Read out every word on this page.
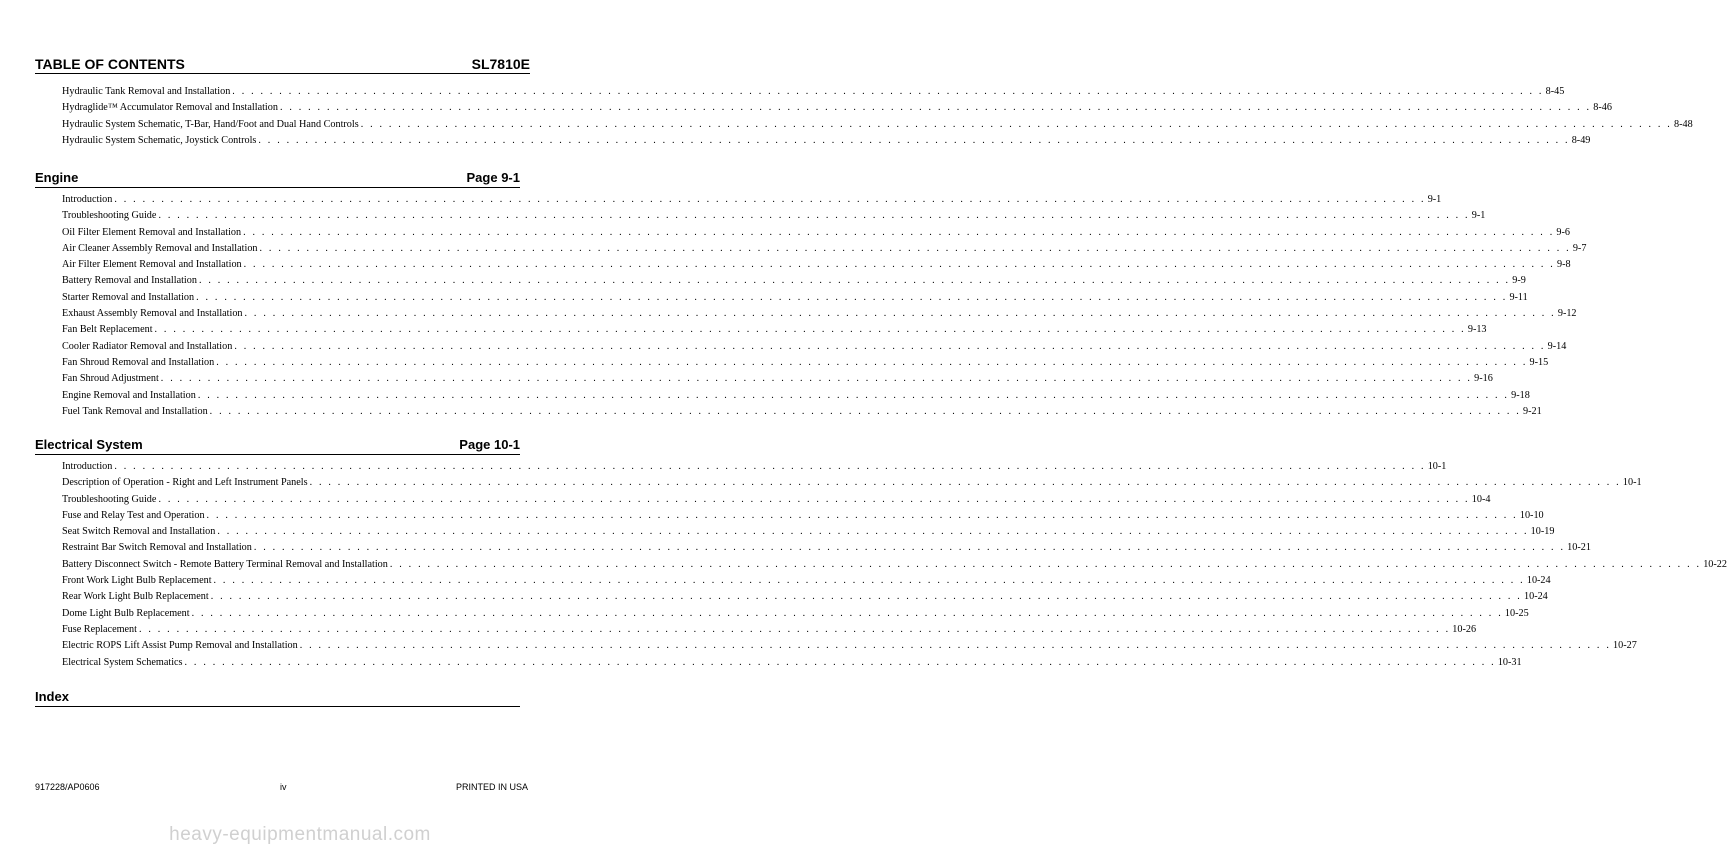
TABLE OF CONTENTS	SL7810E
Hydraulic Tank Removal and Installation . . . . . . . . . . . . . . . . . . . . . . . . . . . . . . . . . . . . . . . . . . . . . . . . . . . . . . . . . . . . . . . . . . . . . . . . . . . . . . . . . . . . . . . . . . . . . . . . . . . . . . . . . . . . . . . . . . . . . . . . . . . . . . . . . . . . . . . . . . . . 8-45
Hydraglide™ Accumulator Removal and Installation . . . . . . . . . . . . . . . . . . . . . . . . . . . . . . . . . . . . . . . . . . . . . . . . . . . . . . . . . . . . . . . . . . . . . . . . . . . . . . . . . . . . . . . . . . . . . . . . . . . . . . . . . . . . . . . . . . . . . . . . . . . . . . . . . . . . . . . . . . . . 8-46
Hydraulic System Schematic, T-Bar, Hand/Foot and Dual Hand Controls . . . . . . . . . . . . . . . . . . . . . . . . . . . . . . . . . . . . . . . . . . . . . . . . . . . . . . . . . . . . . . . . . . . . . . . . . . . . . . . . . . . . . . . . . . . . . . . . . . . . . . . . . . . . . . . . . . . . . . . . . . . . . . . . . . . . . . . . . . . . 8-48
Hydraulic System Schematic, Joystick Controls . . . . . . . . . . . . . . . . . . . . . . . . . . . . . . . . . . . . . . . . . . . . . . . . . . . . . . . . . . . . . . . . . . . . . . . . . . . . . . . . . . . . . . . . . . . . . . . . . . . . . . . . . . . . . . . . . . . . . . . . . . . . . . . . . . . . . . . . . . . . 8-49
Engine	Page 9-1
Introduction . . . . . . . . . . . . . . . . . . . . . . . . . . . . . . . . . . . . . . . . . . . . . . . . . . . . . . . . . . . . . . . . . . . . . . . . . . . . . . . . . . . . . . . . . . . . . . . . . . . . . . . . . . . . . . . . . . . . . . . . . . . . . . . . . . . . . . . . . . . . 9-1
Troubleshooting Guide . . . . . . . . . . . . . . . . . . . . . . . . . . . . . . . . . . . . . . . . . . . . . . . . . . . . . . . . . . . . . . . . . . . . . . . . . . . . . . . . . . . . . . . . . . . . . . . . . . . . . . . . . . . . . . . . . . . . . . . . . . . . . . . . . . . . . . . . . . . . 9-1
Oil Filter Element Removal and Installation . . . . . . . . . . . . . . . . . . . . . . . . . . . . . . . . . . . . . . . . . . . . . . . . . . . . . . . . . . . . . . . . . . . . . . . . . . . . . . . . . . . . . . . . . . . . . . . . . . . . . . . . . . . . . . . . . . . . . . . . . . . . . . . . . . . . . . . . . . . . 9-6
Air Cleaner Assembly Removal and Installation . . . . . . . . . . . . . . . . . . . . . . . . . . . . . . . . . . . . . . . . . . . . . . . . . . . . . . . . . . . . . . . . . . . . . . . . . . . . . . . . . . . . . . . . . . . . . . . . . . . . . . . . . . . . . . . . . . . . . . . . . . . . . . . . . . . . . . . . . . . . 9-7
Air Filter Element Removal and Installation . . . . . . . . . . . . . . . . . . . . . . . . . . . . . . . . . . . . . . . . . . . . . . . . . . . . . . . . . . . . . . . . . . . . . . . . . . . . . . . . . . . . . . . . . . . . . . . . . . . . . . . . . . . . . . . . . . . . . . . . . . . . . . . . . . . . . . . . . . . . 9-8
Battery Removal and Installation . . . . . . . . . . . . . . . . . . . . . . . . . . . . . . . . . . . . . . . . . . . . . . . . . . . . . . . . . . . . . . . . . . . . . . . . . . . . . . . . . . . . . . . . . . . . . . . . . . . . . . . . . . . . . . . . . . . . . . . . . . . . . . . . . . . . . . . . . . . . 9-9
Starter Removal and Installation . . . . . . . . . . . . . . . . . . . . . . . . . . . . . . . . . . . . . . . . . . . . . . . . . . . . . . . . . . . . . . . . . . . . . . . . . . . . . . . . . . . . . . . . . . . . . . . . . . . . . . . . . . . . . . . . . . . . . . . . . . . . . . . . . . . . . . . . . . . . 9-11
Exhaust Assembly Removal and Installation . . . . . . . . . . . . . . . . . . . . . . . . . . . . . . . . . . . . . . . . . . . . . . . . . . . . . . . . . . . . . . . . . . . . . . . . . . . . . . . . . . . . . . . . . . . . . . . . . . . . . . . . . . . . . . . . . . . . . . . . . . . . . . . . . . . . . . . . . . . . 9-12
Fan Belt Replacement . . . . . . . . . . . . . . . . . . . . . . . . . . . . . . . . . . . . . . . . . . . . . . . . . . . . . . . . . . . . . . . . . . . . . . . . . . . . . . . . . . . . . . . . . . . . . . . . . . . . . . . . . . . . . . . . . . . . . . . . . . . . . . . . . . . . . . . . . . . . 9-13
Cooler Radiator Removal and Installation . . . . . . . . . . . . . . . . . . . . . . . . . . . . . . . . . . . . . . . . . . . . . . . . . . . . . . . . . . . . . . . . . . . . . . . . . . . . . . . . . . . . . . . . . . . . . . . . . . . . . . . . . . . . . . . . . . . . . . . . . . . . . . . . . . . . . . . . . . . . 9-14
Fan Shroud Removal and Installation . . . . . . . . . . . . . . . . . . . . . . . . . . . . . . . . . . . . . . . . . . . . . . . . . . . . . . . . . . . . . . . . . . . . . . . . . . . . . . . . . . . . . . . . . . . . . . . . . . . . . . . . . . . . . . . . . . . . . . . . . . . . . . . . . . . . . . . . . . . . 9-15
Fan Shroud Adjustment . . . . . . . . . . . . . . . . . . . . . . . . . . . . . . . . . . . . . . . . . . . . . . . . . . . . . . . . . . . . . . . . . . . . . . . . . . . . . . . . . . . . . . . . . . . . . . . . . . . . . . . . . . . . . . . . . . . . . . . . . . . . . . . . . . . . . . . . . . . . 9-16
Engine Removal and Installation . . . . . . . . . . . . . . . . . . . . . . . . . . . . . . . . . . . . . . . . . . . . . . . . . . . . . . . . . . . . . . . . . . . . . . . . . . . . . . . . . . . . . . . . . . . . . . . . . . . . . . . . . . . . . . . . . . . . . . . . . . . . . . . . . . . . . . . . . . . . 9-18
Fuel Tank Removal and Installation . . . . . . . . . . . . . . . . . . . . . . . . . . . . . . . . . . . . . . . . . . . . . . . . . . . . . . . . . . . . . . . . . . . . . . . . . . . . . . . . . . . . . . . . . . . . . . . . . . . . . . . . . . . . . . . . . . . . . . . . . . . . . . . . . . . . . . . . . . . . 9-21
Electrical System	Page 10-1
Introduction . . . . . . . . . . . . . . . . . . . . . . . . . . . . . . . . . . . . . . . . . . . . . . . . . . . . . . . . . . . . . . . . . . . . . . . . . . . . . . . . . . . . . . . . . . . . . . . . . . . . . . . . . . . . . . . . . . . . . . . . . . . . . . . . . . . . . . . . . . . . 10-1
Description of Operation - Right and Left Instrument Panels . . . . . . . . . . . . . . . . . . . . . . . . . . . . . . . . . . . . . . . . . . . . . . . . . . . . . . . . . . . . . . . . . . . . . . . . . . . . . . . . . . . . . . . . . . . . . . . . . . . . . . . . . . . . . . . . . . . . . . . . . . . . . . . . . . . . . . . . . . . . 10-1
Troubleshooting Guide . . . . . . . . . . . . . . . . . . . . . . . . . . . . . . . . . . . . . . . . . . . . . . . . . . . . . . . . . . . . . . . . . . . . . . . . . . . . . . . . . . . . . . . . . . . . . . . . . . . . . . . . . . . . . . . . . . . . . . . . . . . . . . . . . . . . . . . . . . . . 10-4
Fuse and Relay Test and Operation . . . . . . . . . . . . . . . . . . . . . . . . . . . . . . . . . . . . . . . . . . . . . . . . . . . . . . . . . . . . . . . . . . . . . . . . . . . . . . . . . . . . . . . . . . . . . . . . . . . . . . . . . . . . . . . . . . . . . . . . . . . . . . . . . . . . . . . . . . . . 10-10
Seat Switch Removal and Installation . . . . . . . . . . . . . . . . . . . . . . . . . . . . . . . . . . . . . . . . . . . . . . . . . . . . . . . . . . . . . . . . . . . . . . . . . . . . . . . . . . . . . . . . . . . . . . . . . . . . . . . . . . . . . . . . . . . . . . . . . . . . . . . . . . . . . . . . . . . . 10-19
Restraint Bar Switch Removal and Installation . . . . . . . . . . . . . . . . . . . . . . . . . . . . . . . . . . . . . . . . . . . . . . . . . . . . . . . . . . . . . . . . . . . . . . . . . . . . . . . . . . . . . . . . . . . . . . . . . . . . . . . . . . . . . . . . . . . . . . . . . . . . . . . . . . . . . . . . . . . . 10-21
Battery Disconnect Switch - Remote Battery Terminal Removal and Installation . . . . . . . . . . . . . . . . . . . . . . . . . . . . . . . . . . . . . . . . . . . . . . . . . . . . . . . . . . . . . . . . . . . . . . . . . . . . . . . . . . . . . . . . . . . . . . . . . . . . . . . . . . . . . . . . . . . . . . . . . . . . . . . . . . . . . . . . . . . . 10-22
Front Work Light Bulb Replacement . . . . . . . . . . . . . . . . . . . . . . . . . . . . . . . . . . . . . . . . . . . . . . . . . . . . . . . . . . . . . . . . . . . . . . . . . . . . . . . . . . . . . . . . . . . . . . . . . . . . . . . . . . . . . . . . . . . . . . . . . . . . . . . . . . . . . . . . . . . . 10-24
Rear Work Light Bulb Replacement . . . . . . . . . . . . . . . . . . . . . . . . . . . . . . . . . . . . . . . . . . . . . . . . . . . . . . . . . . . . . . . . . . . . . . . . . . . . . . . . . . . . . . . . . . . . . . . . . . . . . . . . . . . . . . . . . . . . . . . . . . . . . . . . . . . . . . . . . . . . 10-24
Dome Light Bulb Replacement . . . . . . . . . . . . . . . . . . . . . . . . . . . . . . . . . . . . . . . . . . . . . . . . . . . . . . . . . . . . . . . . . . . . . . . . . . . . . . . . . . . . . . . . . . . . . . . . . . . . . . . . . . . . . . . . . . . . . . . . . . . . . . . . . . . . . . . . . . . . 10-25
Fuse Replacement . . . . . . . . . . . . . . . . . . . . . . . . . . . . . . . . . . . . . . . . . . . . . . . . . . . . . . . . . . . . . . . . . . . . . . . . . . . . . . . . . . . . . . . . . . . . . . . . . . . . . . . . . . . . . . . . . . . . . . . . . . . . . . . . . . . . . . . . . . . . 10-26
Electric ROPS Lift Assist Pump Removal and Installation . . . . . . . . . . . . . . . . . . . . . . . . . . . . . . . . . . . . . . . . . . . . . . . . . . . . . . . . . . . . . . . . . . . . . . . . . . . . . . . . . . . . . . . . . . . . . . . . . . . . . . . . . . . . . . . . . . . . . . . . . . . . . . . . . . . . . . . . . . . . 10-27
Electrical System Schematics . . . . . . . . . . . . . . . . . . . . . . . . . . . . . . . . . . . . . . . . . . . . . . . . . . . . . . . . . . . . . . . . . . . . . . . . . . . . . . . . . . . . . . . . . . . . . . . . . . . . . . . . . . . . . . . . . . . . . . . . . . . . . . . . . . . . . . . . . . . . 10-31
Index
917228/AP0606	iv	PRINTED IN USA
heavy-equipmentmanual.com
